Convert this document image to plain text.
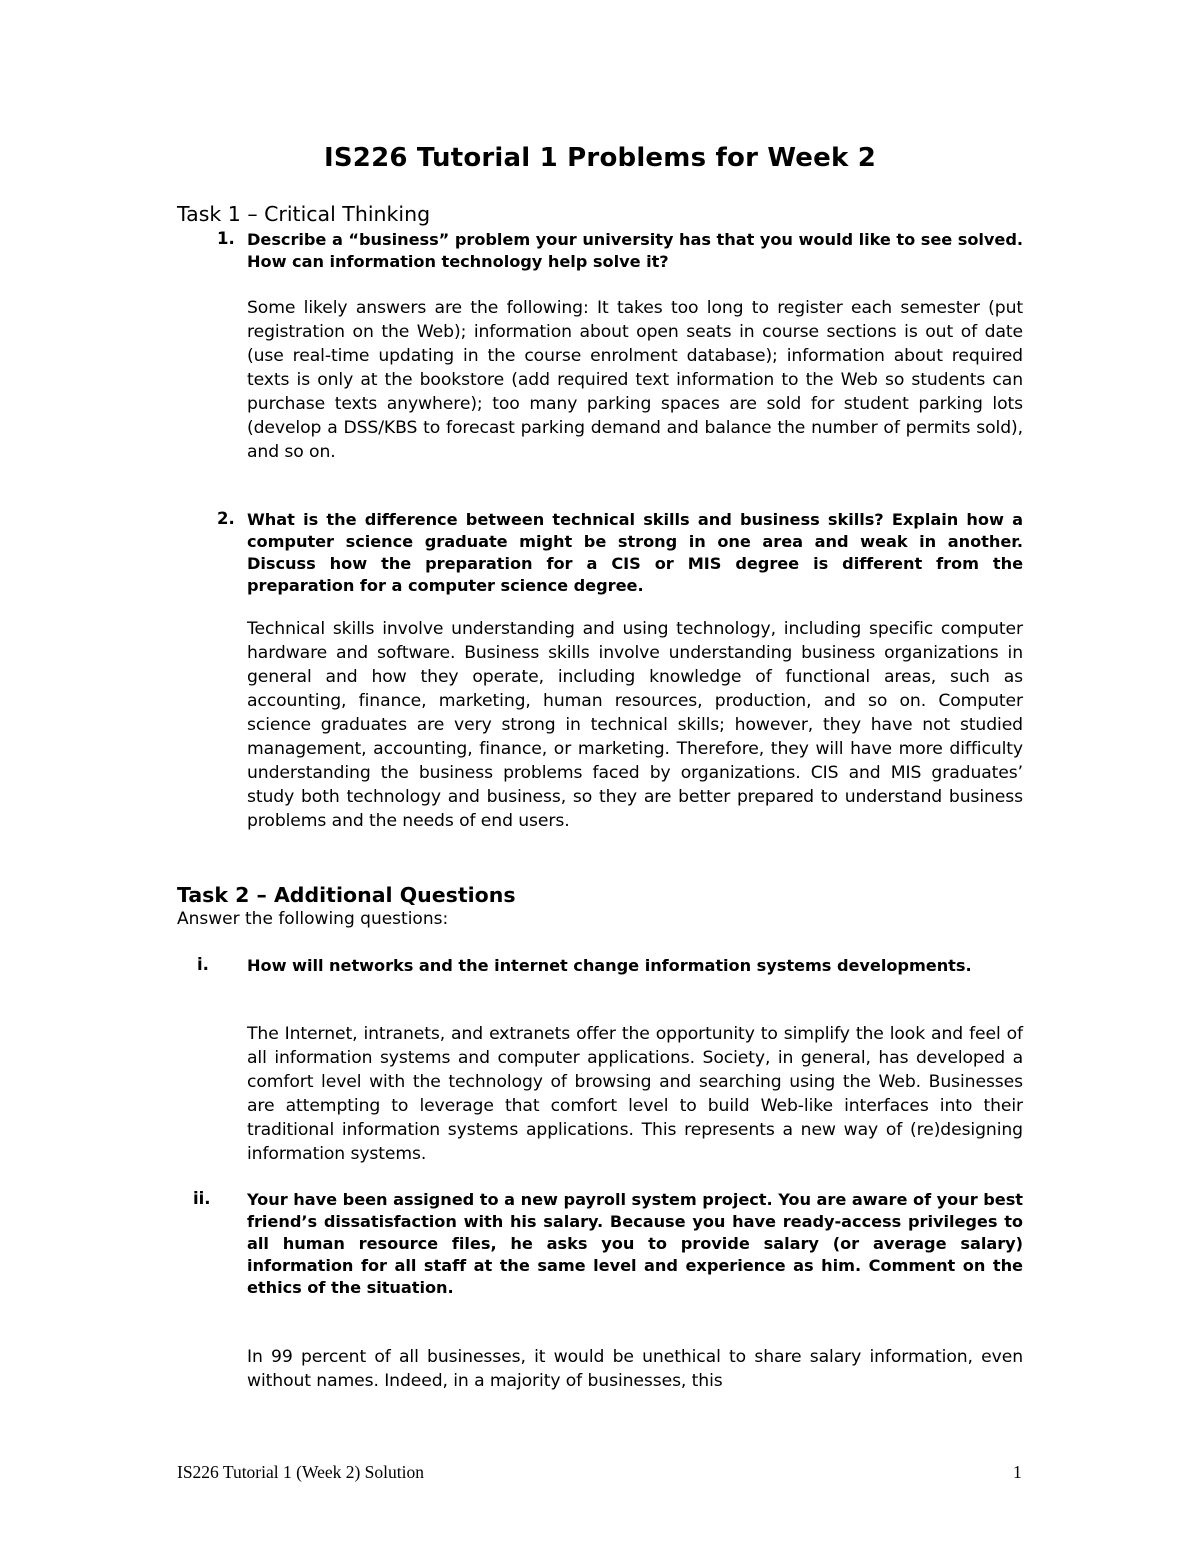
IS226 Tutorial 1 Problems for Week 2
Task 1 – Critical Thinking
1. Describe a “business” problem your university has that you would like to see solved. How can information technology help solve it?

Some likely answers are the following: It takes too long to register each semester (put registration on the Web); information about open seats in course sections is out of date (use real-time updating in the course enrolment database); information about required texts is only at the bookstore (add required text information to the Web so students can purchase texts anywhere); too many parking spaces are sold for student parking lots (develop a DSS/KBS to forecast parking demand and balance the number of permits sold), and so on.

2. What is the difference between technical skills and business skills? Explain how a computer science graduate might be strong in one area and weak in another. Discuss how the preparation for a CIS or MIS degree is different from the preparation for a computer science degree.

Technical skills involve understanding and using technology, including specific computer hardware and software. Business skills involve understanding business organizations in general and how they operate, including knowledge of functional areas, such as accounting, finance, marketing, human resources, production, and so on. Computer science graduates are very strong in technical skills; however, they have not studied management, accounting, finance, or marketing. Therefore, they will have more difficulty understanding the business problems faced by organizations. CIS and MIS graduates’ study both technology and business, so they are better prepared to understand business problems and the needs of end users.

Task 2 – Additional Questions

Answer the following questions:

i. How will networks and the internet change information systems developments.

The Internet, intranets, and extranets offer the opportunity to simplify the look and feel of all information systems and computer applications. Society, in general, has developed a comfort level with the technology of browsing and searching using the Web. Businesses are attempting to leverage that comfort level to build Web-like interfaces into their traditional information systems applications. This represents a new way of (re)designing information systems.

ii. Your have been assigned to a new payroll system project. You are aware of your best friend’s dissatisfaction with his salary. Because you have ready-access privileges to all human resource files, he asks you to provide salary (or average salary) information for all staff at the same level and experience as him. Comment on the ethics of the situation.

In 99 percent of all businesses, it would be unethical to share salary information, even without names. Indeed, in a majority of businesses, this

IS226 Tutorial 1 (Week 2) Solution	1
